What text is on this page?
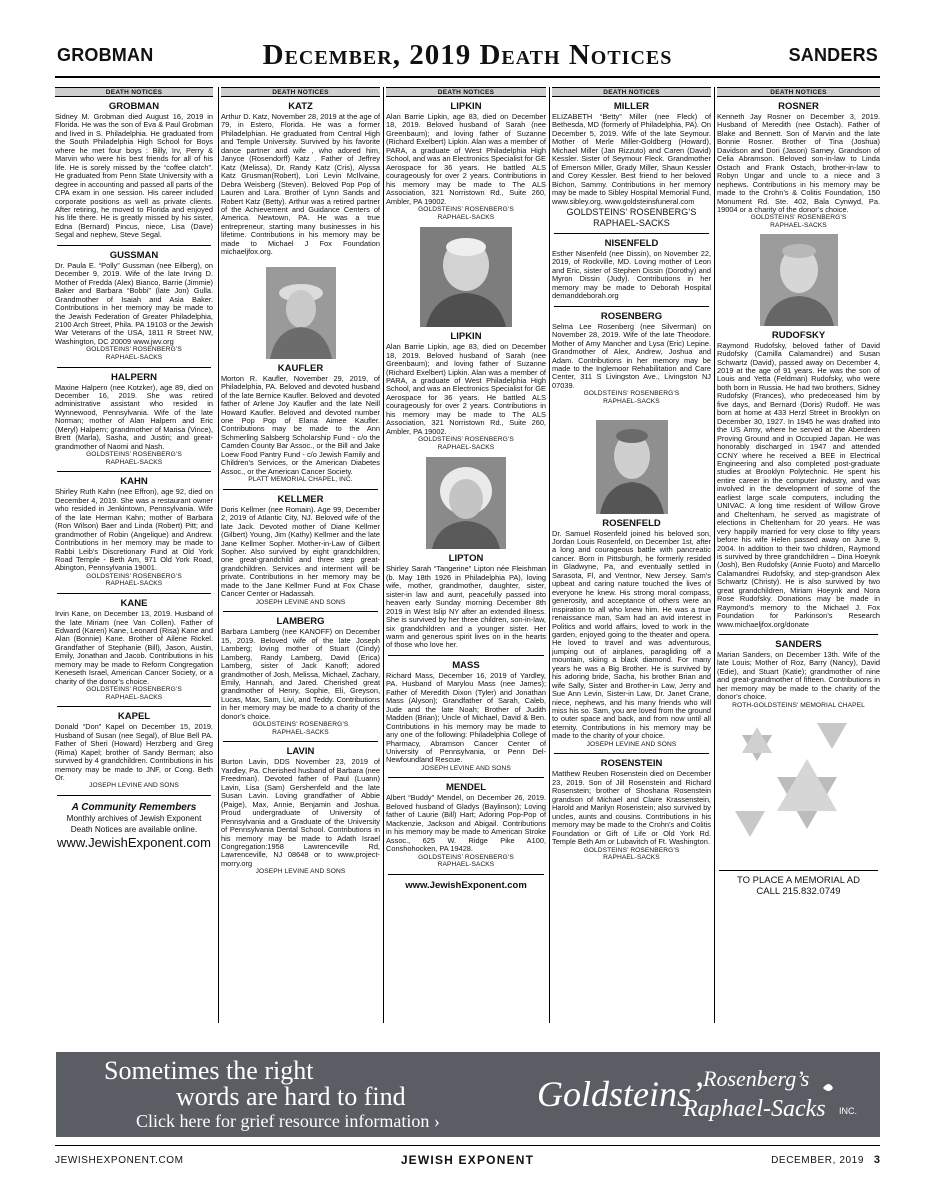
GROBMAN	December, 2019 Death Notices	SANDERS
DEATH NOTICES
GROBMAN
Sidney M. Grobman died August 16, 2019 in Florida. He was the son of Eva & Paul Grobman and lived in S. Philadelphia. He graduated from the South Philadelphia High School for Boys where he met four boys : Billy, Irv, Perry & Marvin who were his best friends for all of his life. He is sorely missed by the “coffee clatch”. He graduated from Penn State University with a degree in accounting and passed all parts of the CPA exam in one session. His career included corporate positions as well as private clients. After retiring, he moved to Florida and enjoyed his life there. He is greatly missed by his sister, Edna (Bernard) Pincus, niece, Lisa (Dave) Segal and nephew, Steve Segal.
GUSSMAN
Dr. Paula E. “Polly” Gussman (nee Eilberg), on December 9, 2019. Wife of the late Irving D. Mother of Fredda (Alex) Bianco, Barrie (Jimmie) Baker and Barbara “Bobbi” (late Jon) Gulla. Grandmother of Isaiah and Asia Baker. Contributions in her memory may be made to the Jewish Federation of Greater Philadelphia, 2100 Arch Street, Phila. PA 19103 or the Jewish War Veterans of the USA, 1811 R Street NW, Washington, DC 20009 www.jwv.org
GOLDSTEINS’ ROSENBERG’S
RAPHAEL-SACKS
HALPERN
Maxine Halpern (nee Kotzker), age 89, died on December 16, 2019. She was retired administrative assistant who resided in Wynnewood, Pennsylvania. Wife of the late Norman; mother of Alan Halpern and Eric (Meryl) Halpern; grandmother of Marisa (Vince), Brett (Marla), Sasha, and Justin; and great-grandmother of Naomi and Nash.
GOLDSTEINS’ ROSENBERG’S
RAPHAEL-SACKS
KAHN
Shirley Ruth Kahn (nee Effron), age 92, died on December 4, 2019. She was a restaurant owner who resided in Jenkintown, Pennsylvania. Wife of the late Herman Kahn; mother of Barbara (Ron Wilson) Baer and Linda (Robert) Pitt; and grandmother of Robin (Angelique) and Andrew. Contributions in her memory may be made to Rabbi Leib’s Discretionary Fund at Old York Road Temple - Beth Am, 971 Old York Road, Abington, Pennsylvania 19001.
GOLDSTEINS’ ROSENBERG’S
RAPHAEL-SACKS
KANE
Irvin Kane, on December 13, 2019. Husband of the late Miriam (nee Van Collen). Father of Edward (Karen) Kane, Leonard (Risa) Kane and Alan (Bonnie) Kane. Brother of Ailene Rickel. Grandfather of Stephanie (Bill), Jason, Austin, Emily, Jonathan and Jacob. Contributions in his memory may be made to Reform Congregation Keneseth Israel, American Cancer Society, or a charity of the donor’s choice.
GOLDSTEINS’ ROSENBERG’S
RAPHAEL-SACKS
KAPEL
Donald “Don” Kapel on December 15, 2019. Husband of Susan (nee Segal), of Blue Bell PA. Father of Sheri (Howard) Herzberg and Greg (Rima) Kapel; brother of Sandy Berman; also survived by 4 grandchildren. Contributions in his memory may be made to JNF, or Cong. Beth Or.
JOSEPH LEVINE AND SONS
A Community Remembers
Monthly archives of Jewish Exponent
Death Notices are available online.
www.JewishExponent.com
DEATH NOTICES
KATZ
Arthur D. Katz, November 28, 2019 at the age of 79, in Estero, Florida. He was a former Philadelphian. He graduated from Central High and Temple University. Survived by his favorite dance partner and wife , who adored him, Janyce (Rosendorff) Katz . Father of Jeffrey Katz (Melissa), Dr. Randy Katz (Cris), Alyssa Katz Grusman(Robert), Lori Levin McIlvaine, Debra Weisberg (Steven). Beloved Pop Pop of Lauren and Lara. Brother of Lynn Sands and Robert Katz (Betty). Arthur was a retired partner of the Achievement and Guidance Centers of America. Newtown, PA. He was a true entrepreneur, starting many businesses in his lifetime. Contributions in his memory may be made to Michael J Fox Foundation michaeljfox.org.
KAUFLER
Morton R. Kaufler, November 29, 2019, of Philadelphia, PA. Beloved and devoted husband of the late Bernice Kaufler. Beloved and devoted father of Arlene Joy Kaufler and the late Neill Howard Kaufler. Beloved and devoted number one Pop Pop of Elana Aimee Kaufler. Contributions may be made to the Ann Schmerling Salsberg Scholarship Fund - c/o the Camden County Bar Assoc., or the Bill and Jake Loew Food Pantry Fund - c/o Jewish Family and Children’s Services, or the American Diabetes Assoc., or the American Cancer Society.
PLATT MEMORIAL CHAPEL, INC.
KELLMER
Doris Kellmer (nee Romain). Age 99, December 2, 2019 of Atlantic City, NJ. Beloved wife of the late Jack. Devoted mother of Diane Kellmer (Gilbert) Young, Jim (Kathy) Kellmer and the late Jane Kellmer Sopher. Mother-in-Law of Gilbert Sopher. Also survived by eight grandchildren, one great-grandchild and three step great-grandchildren. Services and interment will be private. Contributions in her memory may be made to the Jane Kellmer Fund at Fox Chase Cancer Center or Hadassah.
JOSEPH LEVINE AND SONS
LAMBERG
Barbara Lamberg (nee KANOFF) on December 15, 2019. Beloved wife of the late Joseph Lamberg; loving mother of Stuart (Cindy) Lamberg, Randy Lamberg, David (Erica) Lamberg, sister of Jack Kanoff; adored grandmother of Josh, Melissa, Michael, Zachary, Emily, Hannah, and Jared. Cherished great grandmother of Henry, Sophie, Eli, Greyson, Lucas, Max, Sam, Livi, and Teddy. Contributions in her memory may be made to a charity of the donor’s choice.
GOLDSTEINS’ ROSENBERG’S
RAPHAEL-SACKS
LAVIN
Burton Lavin, DDS November 23, 2019 of Yardley, Pa. Cherished husband of Barbara (nee Freedman). Devoted father of Paul (Luann) Lavin, Lisa (Sam) Gershenfeld and the late Susan Lavin. Loving grandfather of Abbie (Paige), Max, Annie, Benjamin and Joshua. Proud undergraduate of University of Pennsylvania and a Graduate of the University of Pennsylvania Dental School. Contributions in his memory may be made to Adath Israel Congregation:1958 Lawrenceville Rd, Lawrenceville, NJ 08648 or to www.project-morry.org
JOSEPH LEVINE AND SONS
DEATH NOTICES
LIPKIN
Alan Barrie Lipkin, age 83, died on December 18, 2019. Beloved husband of Sarah (nee Greenbaum); and loving father of Suzanne (Richard Exelbert) Lipkin. Alan was a member of PARA, a graduate of West Philadelphia High School, and was an Electronics Specialist for GE Aerospace for 36 years. He battled ALS courageously for over 2 years. Contributions in his memory may be made to The ALS Association, 321 Norristown Rd., Suite 260, Ambler, PA 19002.
GOLDSTEINS’ ROSENBERG’S
RAPHAEL-SACKS
LIPKIN
Alan Barrie Lipkin, age 83, died on December 18, 2019. Beloved husband of Sarah (nee Greenbaum); and loving father of Suzanne (Richard Exelbert) Lipkin. Alan was a member of PARA, a graduate of West Philadelphia High School, and was an Electronics Specialist for GE Aerospace for 36 years. He battled ALS courageously for over 2 years. Contributions in his memory may be made to The ALS Association, 321 Norristown Rd., Suite 260, Ambler, PA 19002.
GOLDSTEINS’ ROSENBERG’S
RAPHAEL-SACKS
LIPTON
Shirley Sarah “Tangerine” Lipton née Fleishman (b. May 18th 1926 in Philadelphia PA), loving wife, mother, grandmother, daughter, sister, sister-in law and aunt, peacefully passed into heaven early Sunday morning December 8th 2019 in West Islip NY after an extended illness. She is survived by her three children, son-in-law, six grandchildren and a younger sister. Her warm and generous spirit lives on in the hearts of those who love her.
MASS
Richard Mass, December 16, 2019 of Yardley, PA. Husband of Marylou Mass (nee James); Father of Meredith Dixon (Tyler) and Jonathan Mass (Alyson); Grandfather of Sarah, Caleb, Jude and the late Noah; Brother of Judith Madden (Brian); Uncle of Michael, David & Ben. Contributions in his memory may be made to any one of the following: Philadelphia College of Pharmacy, Abramson Cancer Center of University of Pennsylvania, or Penn Del-Newfoundland Rescue.
JOSEPH LEVINE AND SONS
MENDEL
Albert “Buddy” Mendel, on December 26, 2019. Beloved husband of Gladys (Baylinson); Loving father of Laurie (Bill) Hart; Adoring Pop-Pop of Mackenzie, Jackson and Abigail. Contributions in his memory may be made to American Stroke Assoc., 625 W. Ridge Pike A100, Conshohocken, PA 19428.
GOLDSTEINS’ ROSENBERG’S
RAPHAEL-SACKS
www.JewishExponent.com
DEATH NOTICES
MILLER
ELIZABETH “Betty” Miller (nee Fleck) of Bethesda, MD (formerly of Philadelphia, PA). On December 5, 2019. Wife of the late Seymour. Mother of Merle Miller-Goldberg (Howard), Michael Miller (Jan Rizzuto) and Caren (David) Kessler. Sister of Seymour Fleck. Grandmother of Emerson Miller, Grady Miller, Shaun Kessler and Corey Kessler. Best friend to her beloved Bichon, Sammy. Contributions in her memory may be made to Sibley Hospital Memorial Fund, www.sibley.org. www.goldsteinsfuneral.com
GOLDSTEINS’ ROSENBERG’S
RAPHAEL-SACKS
NISENFELD
Esther Nisenfeld (nee Dissin), on November 22, 2019, of Rockville, MD. Loving mother of Leon and Eric, sister of Stephen Dissin (Dorothy) and Myron Dissin (Judy). Contributions in her memory may be made to Deborah Hospital demanddeborah.org
ROSENBERG
Selma Lee Rosenberg (nee Silverman) on November 28, 2019. Wife of the late Theodore. Mother of Amy Mancher and Lysa (Eric) Lepine. Grandmother of Alex, Andrew, Joshua and Adam. Contributions in her memory may be made to the Inglemoor Rehabilitation and Care Center, 311 S Livingston Ave., Livingston NJ 07039.
GOLDSTEINS’ ROSENBERG’S
RAPHAEL-SACKS
ROSENFELD
Dr. Samuel Rosenfeld joined his beloved son, Jordan Louis Rosenfeld, on December 1st, after a long and courageous battle with pancreatic cancer. Born in Pittsburgh, he formerly resided in Gladwyne, Pa, and eventually settled in Sarasota, Fl, and Ventnor, New Jersey. Sam’s upbeat and caring nature touched the lives of everyone he knew. His strong moral compass, generosity, and acceptance of others were an inspiration to all who knew him. He was a true renaissance man, Sam had an avid interest in Politics and world affairs, loved to work in the garden, enjoyed going to the theater and opera. He loved to travel and was adventurous, jumping out of airplanes, paragliding off a mountain, skiing a black diamond. For many years he was a Big Brother. He is survived by his adoring bride, Sacha, his brother Brian and wife Sally, Sister and Brother-in Law, Jerry and Sue Ann Levin, Sister-in Law, Dr. Janet Crane, niece, nephews, and his many friends who will miss his so. Sam, you are loved from the ground to outer space and back, and from now until all eternity. Contributions in his memory may be made to the charity of your choice.
JOSEPH LEVINE AND SONS
ROSENSTEIN
Matthew Reuben Rosenstein died on December 23, 2019. Son of Jill Rosenstein and Richard Rosenstein; brother of Shoshana Rosenstein grandson of Michael and Claire Krassenstein, Harold and Marilyn Rosenstein; also survived by uncles, aunts and cousins. Contributions in his memory may be made to the Crohn’s and Colitis Foundation or Gift of Life or Old York Rd. Temple Beth Am or Lubavitch of Ft. Washington.
GOLDSTEINS’ ROSENBERG’S
RAPHAEL-SACKS
DEATH NOTICES
ROSNER
Kenneth Jay Rosner on December 3, 2019. Husband of Meredith (nee Ostach). Father of Blake and Bennett. Son of Marvin and the late Bonnie Rosner. Brother of Tina (Joshua) Davidson and Dori (Jason) Sarney. Grandson of Celia Abramson. Beloved son-in-law to Linda Ostach and Frank Ostach, brother-in-law to Robyn Ungar and uncle to a niece and 3 nephews. Contributions in his memory may be made to the Crohn’s & Colitis Foundation, 150 Monument Rd. Ste. 402, Bala Cynwyd, Pa. 19004 or a charity of the donor’s choice.
GOLDSTEINS’ ROSENBERG’S
RAPHAEL-SACKS
RUDOFSKY
Raymond Rudofsky, beloved father of David Rudofsky (Camilla Calamandrei) and Susan Schwartz (David), passed away on December 4, 2019 at the age of 91 years. He was the son of Louis and Yetta (Feldman) Rudofsky, who were both born in Russia. He had two brothers, Sidney Rudofsky (Frances), who predeceased him by five days, and Bernard (Doris) Rudoff. He was born at home at 433 Herzl Street in Brooklyn on December 30, 1927. In 1945 he was drafted into the US Army, where he served at the Aberdeen Proving Ground and in Occupied Japan. He was honorably discharged in 1947 and attended CCNY where he received a BEE in Electrical Engineering and also completed post-graduate studies at Brooklyn Polytechnic. He spent his entire career in the computer industry, and was involved in the development of some of the earliest large scale computers, including the UNIVAC. A long time resident of Willow Grove and Cheltenham, he served as magistrate of elections in Cheltenham for 20 years. He was very happily married for very close to fifty years before his wife Helen passed away on June 9, 2004. In addition to their two children, Raymond is survived by three grandchildren – Dina Hoeynk (Josh), Ben Rudofsky (Annie Fuoto) and Marcello Calamandrei Rudofsky, and step-grandson Alex Schwartz (Christy). He is also survived by two great grandchildren, Miriam Hoeynk and Nora Rose Rudofsky. Donations may be made in Raymond’s memory to the Michael J. Fox Foundation for Parkinson’s Research www.michaeljfox.org/donate
SANDERS
Marian Sanders, on December 13th. Wife of the late Louis; Mother of Roz, Barry (Nancy), David (Edie), and Stuart (Katie); grandmother of nine and great-grandmother of fifteen. Contributions in her memory may be made to the charity of the donor’s choice.
ROTH-GOLDSTEINS’ MEMORIAL CHAPEL
TO PLACE A MEMORIAL AD
CALL 215.832.0749
Sometimes the right
words are hard to find
Click here for grief resource information ›
Goldsteins’ Rosenberg’s
Raphael-Sacks INC.
JEWISHEXPONENT.COM	JEWISH EXPONENT	DECEMBER, 2019 3
